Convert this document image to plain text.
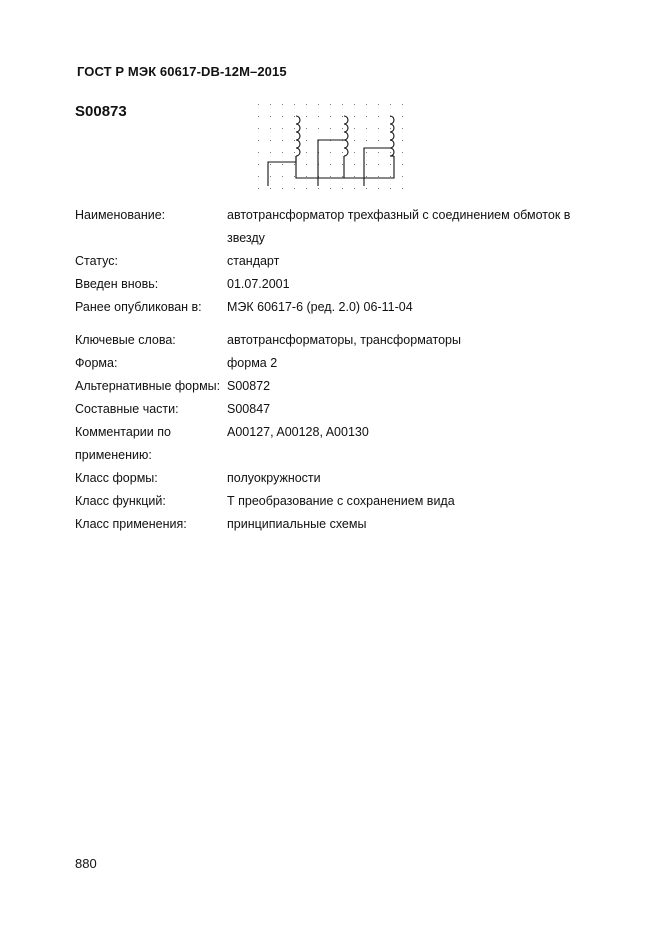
ГОСТ Р МЭК 60617-DB-12M–2015
S00873
Наименование:	автотрансформатор трехфазный с соединением обмоток в звезду
Статус:	стандарт
Введен вновь:	01.07.2001
Ранее опубликован в:	МЭК 60617-6 (ред. 2.0) 06-11-04
Ключевые слова:	автотрансформаторы, трансформаторы
Форма:	форма 2
Альтернативные формы: S00872
Составные части:	S00847
Комментарии по применению:
A00127, A00128, A00130
Класс формы:	полуокружности
Класс функций:	Т преобразование с сохранением вида
Класс применения:	принципиальные схемы
880
